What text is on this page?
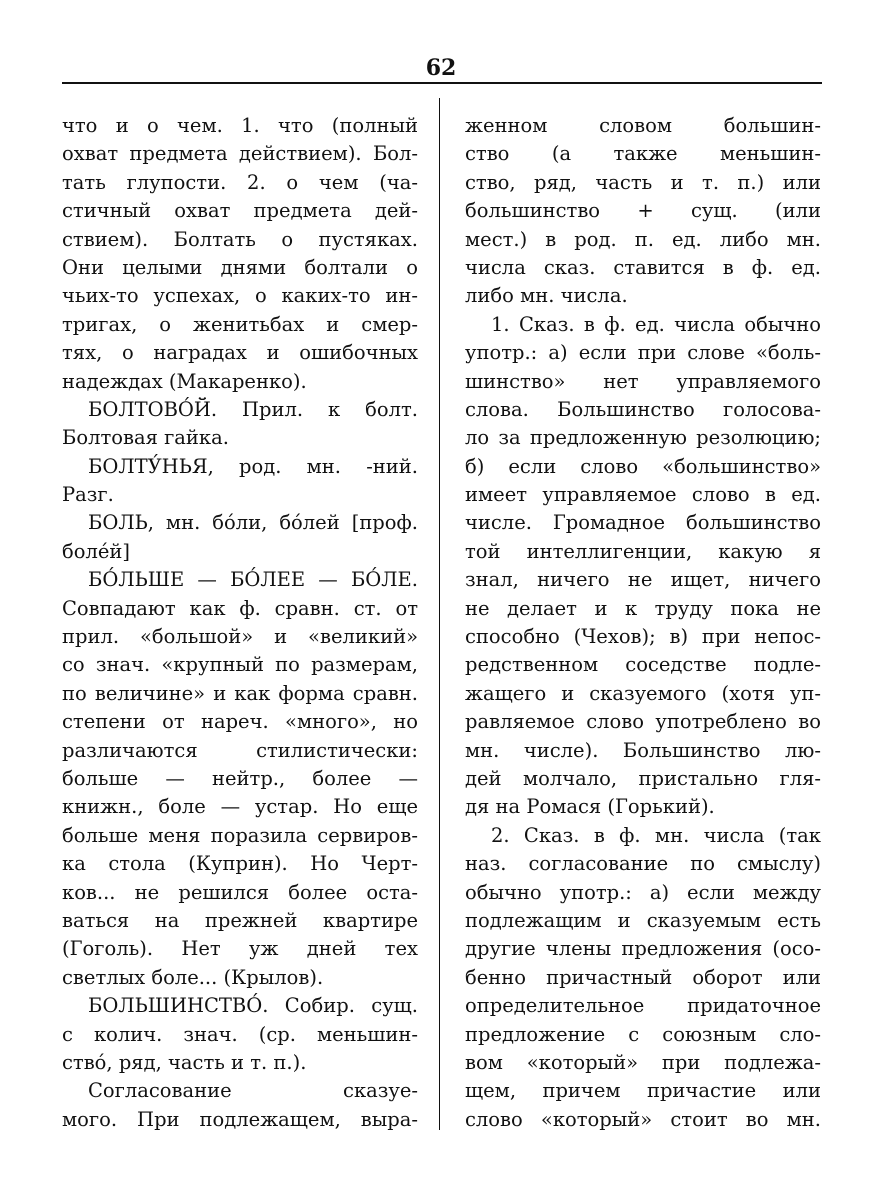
62
что и о чем. 1. что (полный
охват предмета действием). Бол-
тать глупости. 2. о чем (ча-
стичный охват предмета дей-
ствием). Болтать о пустяках.
Они целыми днями болтали о
чьих-то успехах, о каких-то ин-
тригах, о женитьбах и смер-
тях, о наградах и ошибочных
надеждах (Макаренко).
БОЛТОВО́Й. Прил. к болт.
Болтовая гайка.
БОЛТУ́НЬЯ, род. мн. -ний.
Разг.
БОЛЬ, мн. бо́ли, бо́лей [проф.
боле́й]
БО́ЛЬШЕ — БО́ЛЕЕ — БО́ЛЕ.
Совпадают как ф. сравн. ст. от
прил. «большой» и «великий»
со знач. «крупный по размерам,
по величине» и как форма сравн.
степени от нареч. «много», но
различаются стилистически:
больше — нейтр., более —
книжн., боле — устар. Но еще
больше меня поразила сервиров-
ка стола (Куприн). Но Черт-
ков... не решился более оста-
ваться на прежней квартире
(Гоголь). Нет уж дней тех
светлых боле... (Крылов).
БОЛЬШИНСТВО́. Собир. сущ.
с колич. знач. (ср. меньшин-
ство́, ряд, часть и т. п.).
Согласование сказуе-
мого. При подлежащем, выра-
женном словом большин-
ство (а также меньшин-
ство, ряд, часть и т. п.) или
большинство + сущ. (или
мест.) в род. п. ед. либо мн.
числа сказ. ставится в ф. ед.
либо мн. числа.
1. Сказ. в ф. ед. числа обычно
употр.: а) если при слове «боль-
шинство» нет управляемого
слова. Большинство голосова-
ло за предложенную резолюцию;
б) если слово «большинство»
имеет управляемое слово в ед.
числе. Громадное большинство
той интеллигенции, какую я
знал, ничего не ищет, ничего
не делает и к труду пока не
способно (Чехов); в) при непос-
редственном соседстве подле-
жащего и сказуемого (хотя уп-
равляемое слово употреблено во
мн. числе). Большинство лю-
дей молчало, пристально гля-
дя на Ромася (Горький).
2. Сказ. в ф. мн. числа (так
наз. согласование по смыслу)
обычно употр.: а) если между
подлежащим и сказуемым есть
другие члены предложения (осо-
бенно причастный оборот или
определительное придаточное
предложение с союзным сло-
вом «который» при подлежа-
щем, причем причастие или
слово «который» стоит во мн.
